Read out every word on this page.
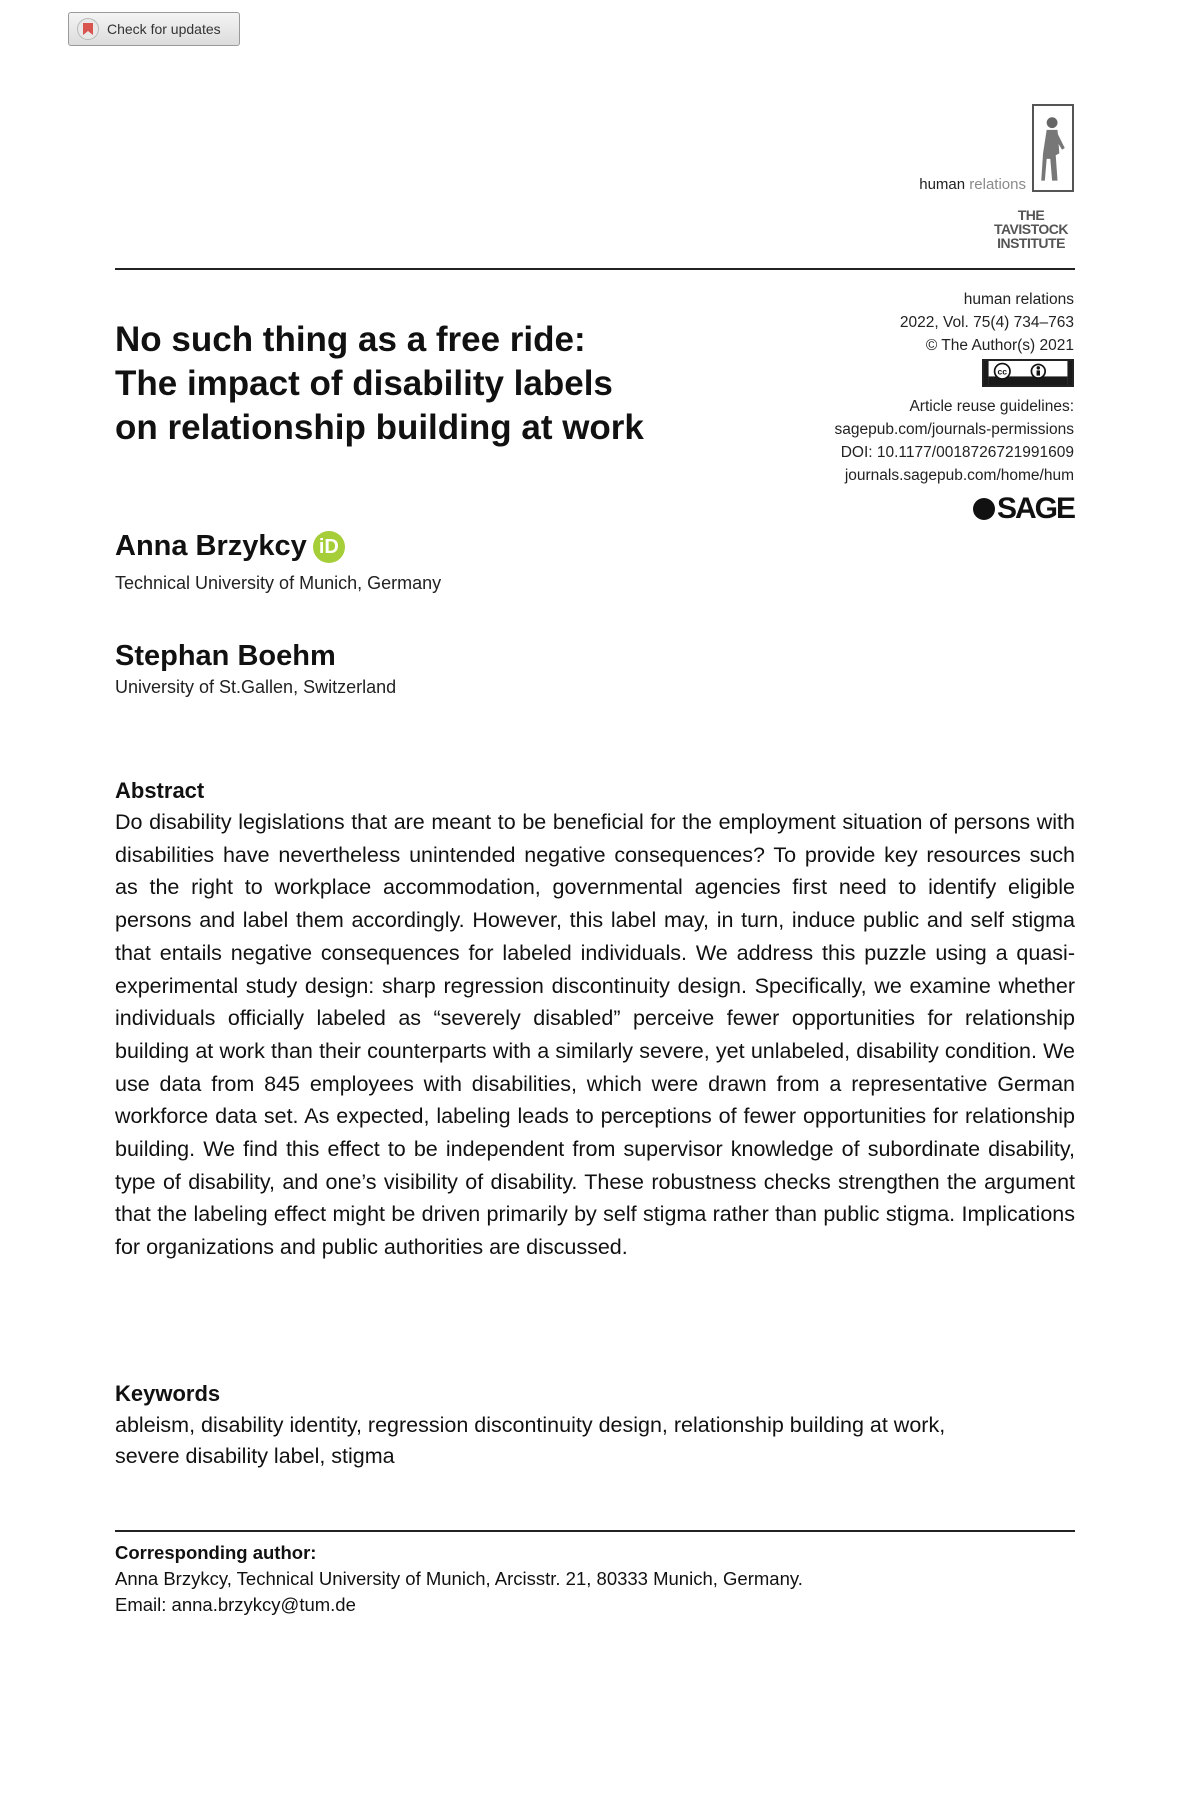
Check for updates
human relations
THE
TAVISTOCK
INSTITUTE
No such thing as a free ride:
The impact of disability labels
on relationship building at work
human relations
2022, Vol. 75(4) 734–763
© The Author(s) 2021
cc
Article reuse guidelines:
sagepub.com/journals-permissions
DOI: 10.1177/0018726721991609
journals.sagepub.com/home/hum
SAGE
Anna Brzykcy iD
Technical University of Munich, Germany
Stephan Boehm
University of St.Gallen, Switzerland
Abstract
Do disability legislations that are meant to be beneficial for the employment situation of persons with disabilities have nevertheless unintended negative consequences? To provide key resources such as the right to workplace accommodation, governmental agencies first need to identify eligible persons and label them accordingly. However, this label may, in turn, induce public and self stigma that entails negative consequences for labeled individuals. We address this puzzle using a quasi-experimental study design: sharp regression discontinuity design. Specifically, we examine whether individuals officially labeled as “severely disabled” perceive fewer opportunities for relationship building at work than their counterparts with a similarly severe, yet unlabeled, disability condition. We use data from 845 employees with disabilities, which were drawn from a representative German workforce data set. As expected, labeling leads to perceptions of fewer opportunities for relationship building. We find this effect to be independent from supervisor knowledge of subordinate disability, type of disability, and one’s visibility of disability. These robustness checks strengthen the argument that the labeling effect might be driven primarily by self stigma rather than public stigma. Implications for organizations and public authorities are discussed.
Keywords
ableism, disability identity, regression discontinuity design, relationship building at work, severe disability label, stigma
Corresponding author:
Anna Brzykcy, Technical University of Munich, Arcisstr. 21, 80333 Munich, Germany.
Email: anna.brzykcy@tum.de
